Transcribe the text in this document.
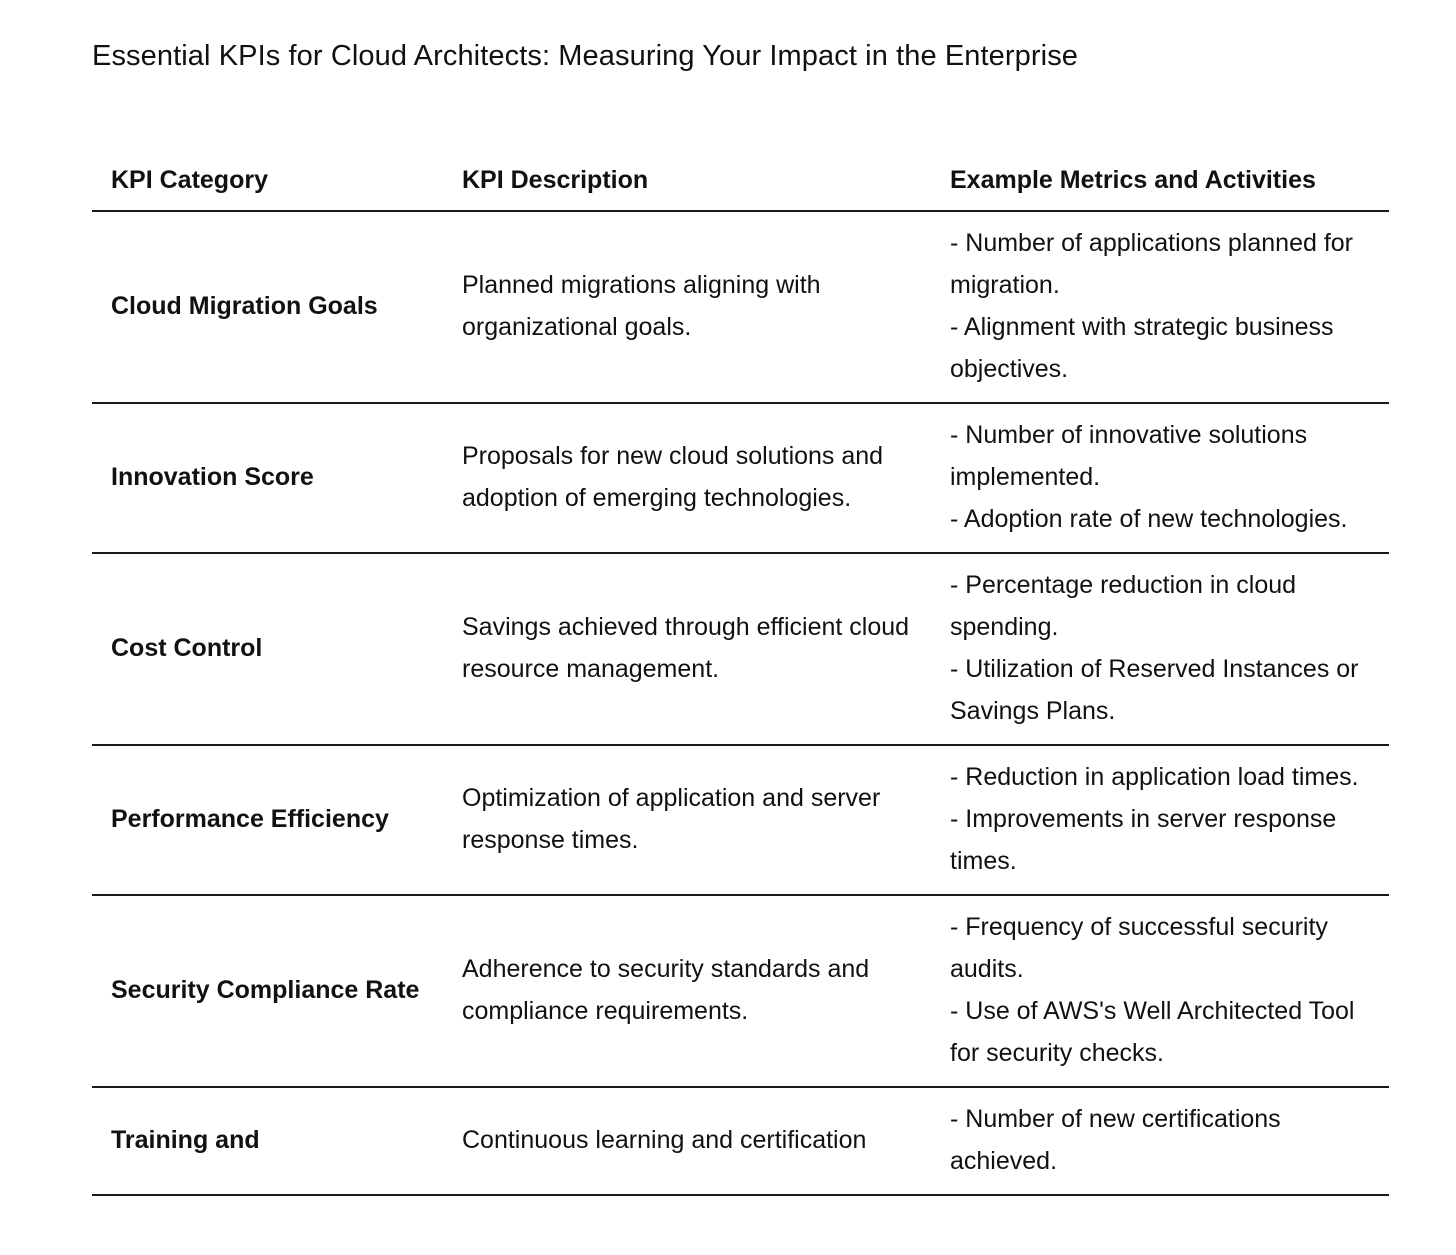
Essential KPIs for Cloud Architects: Measuring Your Impact in the Enterprise
KPI Category	KPI Description	Example Metrics and Activities
Cloud Migration Goals	Planned migrations aligning with organizational goals.	- Number of applications planned for migration.
- Alignment with strategic business objectives.

Innovation Score	Proposals for new cloud solutions and adoption of emerging technologies.	- Number of innovative solutions implemented.
- Adoption rate of new technologies.

Cost Control	Savings achieved through efficient cloud resource management.	- Percentage reduction in cloud spending.
- Utilization of Reserved Instances or Savings Plans.

Performance Efficiency	Optimization of application and server response times.	- Reduction in application load times.
- Improvements in server response times.

Security Compliance Rate	Adherence to security standards and compliance requirements.	- Frequency of successful security audits.
- Use of AWS's Well Architected Tool for security checks.

Training and	Continuous learning and certification	- Number of new certifications achieved.
